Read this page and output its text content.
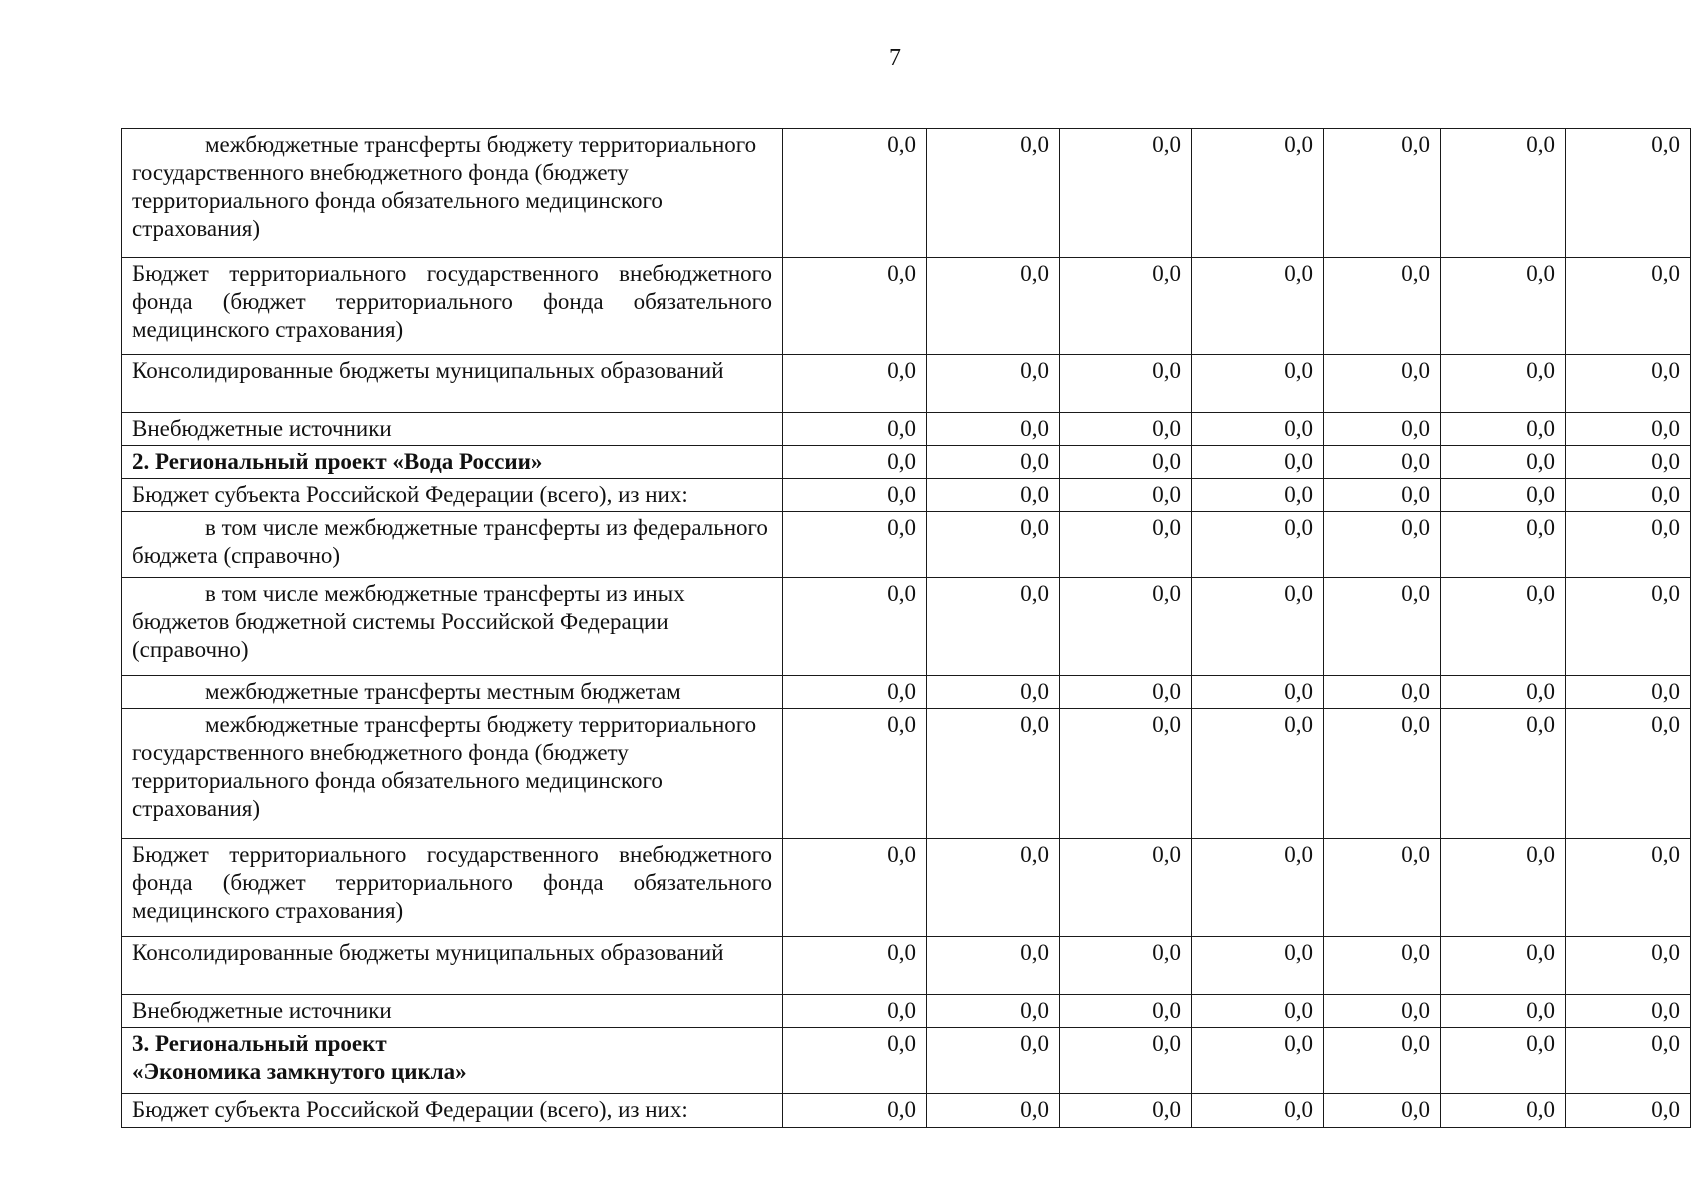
7
межбюджетные трансферты бюджету территориального государственного внебюджетного фонда (бюджету территориального фонда обязательного медицинского страхования)	0,0	0,0	0,0	0,0	0,0	0,0	0,0
Бюджет территориального государственного внебюджетного фонда (бюджет территориального фонда обязательного медицинского страхования)	0,0	0,0	0,0	0,0	0,0	0,0	0,0
Консолидированные бюджеты муниципальных образований	0,0	0,0	0,0	0,0	0,0	0,0	0,0
Внебюджетные источники	0,0	0,0	0,0	0,0	0,0	0,0	0,0
2. Региональный проект «Вода России»	0,0	0,0	0,0	0,0	0,0	0,0	0,0
Бюджет субъекта Российской Федерации (всего), из них:	0,0	0,0	0,0	0,0	0,0	0,0	0,0

в том числе межбюджетные трансферты из федерального бюджета (справочно)	0,0	0,0	0,0	0,0	0,0	0,0	0,0

в том числе межбюджетные трансферты из иных бюджетов бюджетной системы Российской Федерации (справочно)	0,0	0,0	0,0	0,0	0,0	0,0	0,0

межбюджетные трансферты местным бюджетам	0,0	0,0	0,0	0,0	0,0	0,0	0,0

межбюджетные трансферты бюджету территориального государственного внебюджетного фонда (бюджету территориального фонда обязательного медицинского страхования)	0,0	0,0	0,0	0,0	0,0	0,0	0,0
Бюджет территориального государственного внебюджетного фонда (бюджет территориального фонда обязательного медицинского страхования)	0,0	0,0	0,0	0,0	0,0	0,0	0,0
Консолидированные бюджеты муниципальных образований	0,0	0,0	0,0	0,0	0,0	0,0	0,0
Внебюджетные источники	0,0	0,0	0,0	0,0	0,0	0,0	0,0
3. Региональный проект
«Экономика замкнутого цикла»	0,0	0,0	0,0	0,0	0,0	0,0	0,0
Бюджет субъекта Российской Федерации (всего), из них:	0,0	0,0	0,0	0,0	0,0	0,0	0,0
